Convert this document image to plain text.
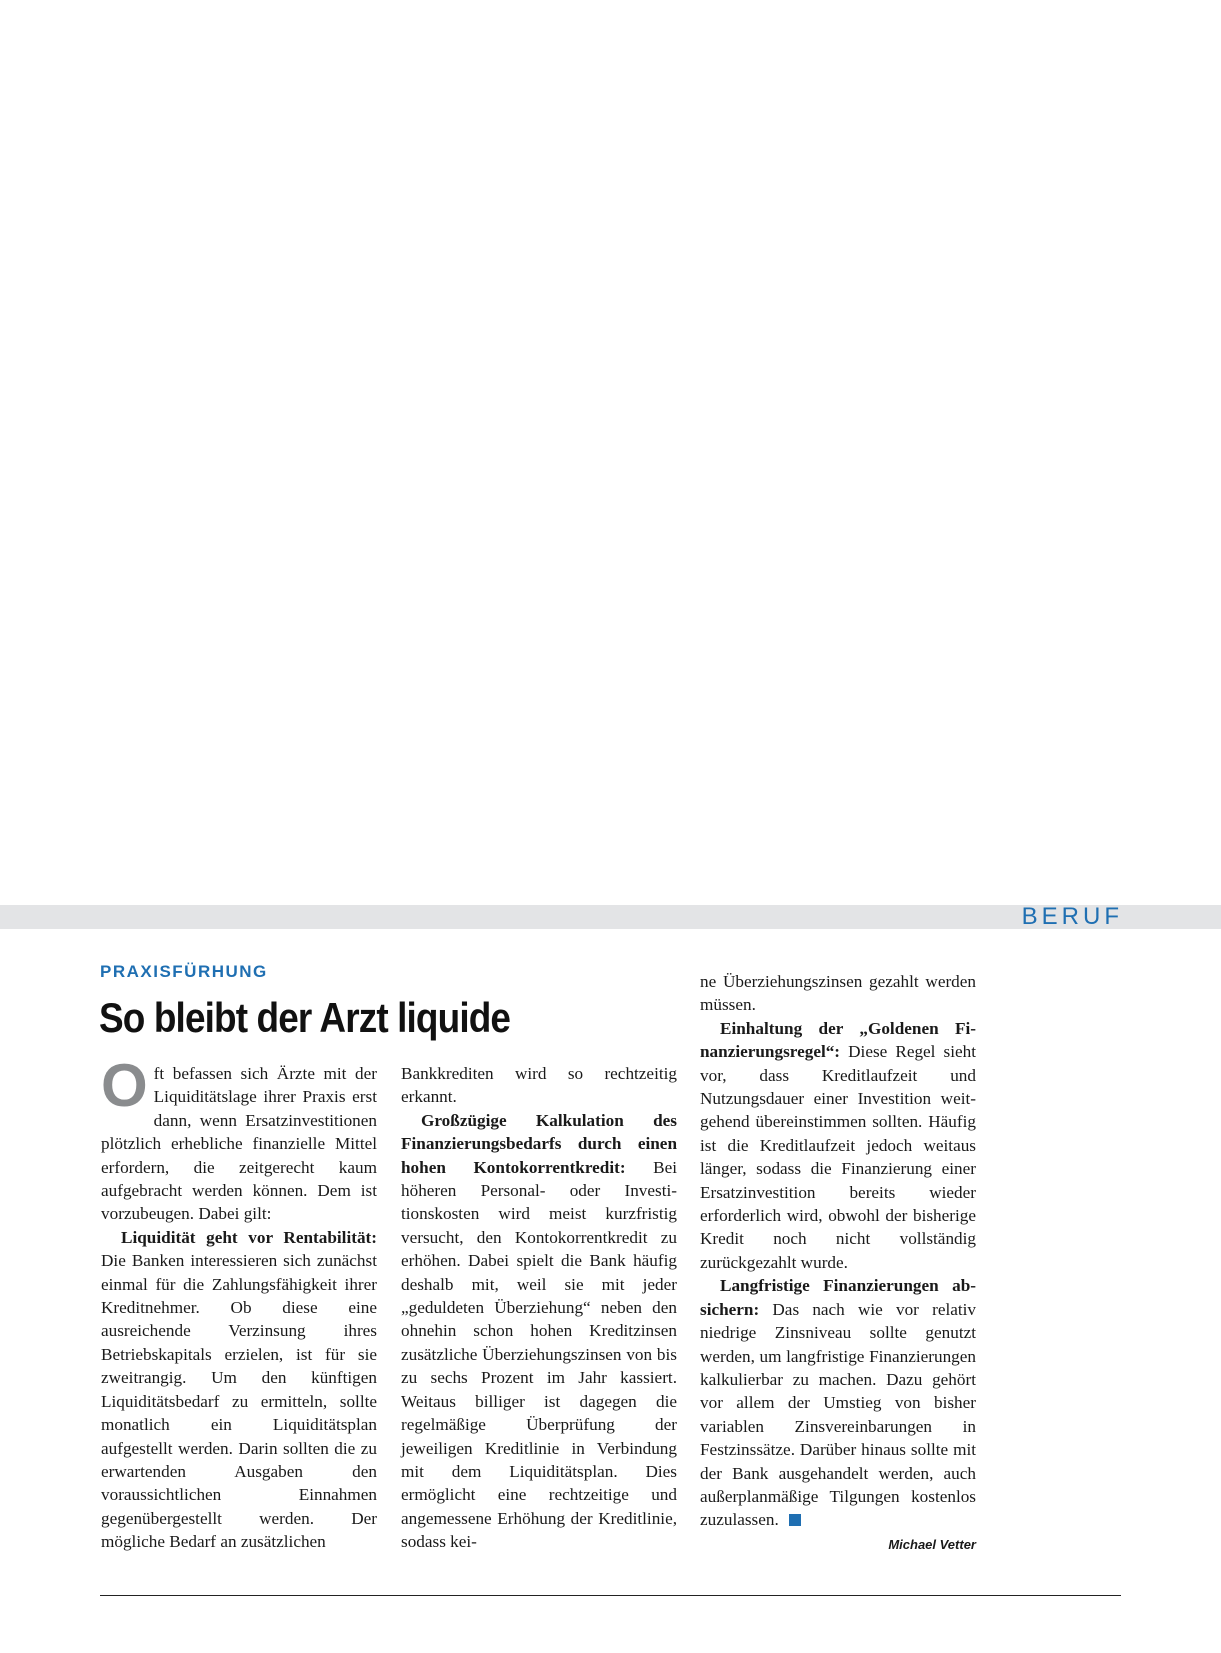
BERUF
PRAXISFÜRHUNG
So bleibt der Arzt liquide

Oft befassen sich Ärzte mit der Liquiditätslage ihrer Praxis erst dann, wenn Ersatzinvestitionen plötzlich erhebliche finanzielle Mittel erfordern, die zeitgerecht kaum aufgebracht werden können. Dem ist vorzubeugen. Dabei gilt:

Liquidität geht vor Rentabilität: Die Banken interessieren sich zunächst einmal für die Zahlungsfähigkeit ihrer Kreditnehmer. Ob diese eine ausreichende Verzinsung ihres Betriebskapitals erzielen, ist für sie zweitrangig. Um den künftigen Liquiditätsbedarf zu ermitteln, sollte monatlich ein Liquiditätsplan aufgestellt werden. Darin sollten die zu erwartenden Ausgaben den voraussichtlichen Einnahmen gegenübergestellt werden. Der mögliche Bedarf an zusätzlichen

Bankkrediten wird so rechtzeitig erkannt.

Großzügige Kalkulation des Finanzierungsbedarfs durch einen hohen Kontokorrentkredit: Bei höheren Personal- oder Investitionskosten wird meist kurzfristig versucht, den Kontokorrentkredit zu erhöhen. Dabei spielt die Bank häufig deshalb mit, weil sie mit jeder „geduldeten Überziehung“ neben den ohnehin schon hohen Kreditzinsen zusätzliche Überziehungszinsen von bis zu sechs Prozent im Jahr kassiert. Weitaus billiger ist dagegen die regelmäßige Überprüfung der jeweiligen Kreditlinie in Verbindung mit dem Liquiditätsplan. Dies ermöglicht eine rechtzeitige und angemessene Erhöhung der Kreditlinie, sodass kei-

ne Überziehungszinsen gezahlt werden müssen.

Einhaltung der „Goldenen Finanzierungsregel“: Diese Regel sieht vor, dass Kreditlaufzeit und Nutzungsdauer einer Investition weitgehend übereinstimmen sollten. Häufig ist die Kreditlaufzeit jedoch weitaus länger, sodass die Finanzierung einer Ersatzinvestition bereits wieder erforderlich wird, obwohl der bisherige Kredit noch nicht vollständig zurückgezahlt wurde.

Langfristige Finanzierungen absichern: Das nach wie vor relativ niedrige Zinsniveau sollte genutzt werden, um langfristige Finanzierungen kalkulierbar zu machen. Dazu gehört vor allem der Umstieg von bisher variablen Zinsvereinbarungen in Festzinssätze. Darüber hinaus sollte mit der Bank ausgehandelt werden, auch außerplanmäßige Tilgungen kostenlos zuzulassen.

Michael Vetter
